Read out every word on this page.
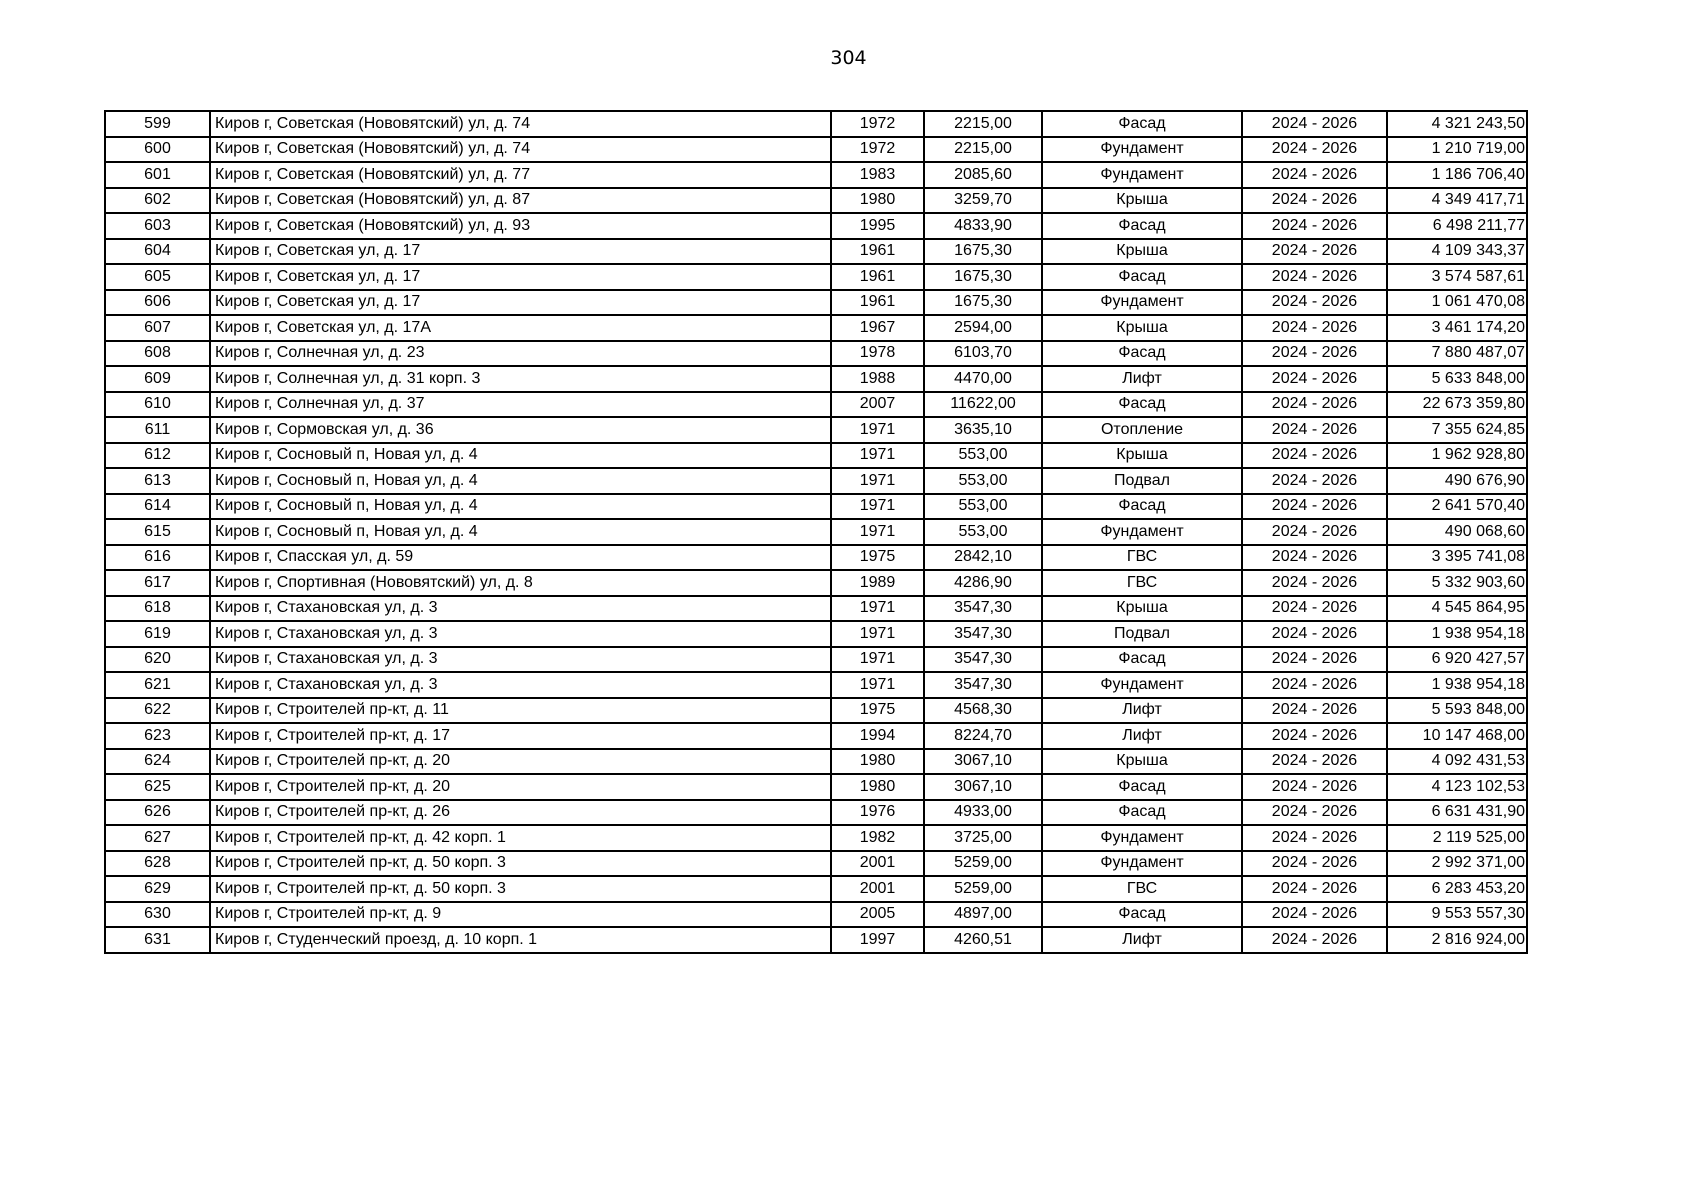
304
599	Киров г, Советская (Нововятский) ул, д. 74	1972	2215,00	Фасад	2024 - 2026	4 321 243,50
600	Киров г, Советская (Нововятский) ул, д. 74	1972	2215,00	Фундамент	2024 - 2026	1 210 719,00
601	Киров г, Советская (Нововятский) ул, д. 77	1983	2085,60	Фундамент	2024 - 2026	1 186 706,40
602	Киров г, Советская (Нововятский) ул, д. 87	1980	3259,70	Крыша	2024 - 2026	4 349 417,71
603	Киров г, Советская (Нововятский) ул, д. 93	1995	4833,90	Фасад	2024 - 2026	6 498 211,77
604	Киров г, Советская ул, д. 17	1961	1675,30	Крыша	2024 - 2026	4 109 343,37
605	Киров г, Советская ул, д. 17	1961	1675,30	Фасад	2024 - 2026	3 574 587,61
606	Киров г, Советская ул, д. 17	1961	1675,30	Фундамент	2024 - 2026	1 061 470,08
607	Киров г, Советская ул, д. 17А	1967	2594,00	Крыша	2024 - 2026	3 461 174,20
608	Киров г, Солнечная ул, д. 23	1978	6103,70	Фасад	2024 - 2026	7 880 487,07
609	Киров г, Солнечная ул, д. 31 корп. 3	1988	4470,00	Лифт	2024 - 2026	5 633 848,00
610	Киров г, Солнечная ул, д. 37	2007	11622,00	Фасад	2024 - 2026	22 673 359,80
611	Киров г, Сормовская ул, д. 36	1971	3635,10	Отопление	2024 - 2026	7 355 624,85
612	Киров г, Сосновый п, Новая ул, д. 4	1971	553,00	Крыша	2024 - 2026	1 962 928,80
613	Киров г, Сосновый п, Новая ул, д. 4	1971	553,00	Подвал	2024 - 2026	490 676,90
614	Киров г, Сосновый п, Новая ул, д. 4	1971	553,00	Фасад	2024 - 2026	2 641 570,40
615	Киров г, Сосновый п, Новая ул, д. 4	1971	553,00	Фундамент	2024 - 2026	490 068,60
616	Киров г, Спасская ул, д. 59	1975	2842,10	ГВС	2024 - 2026	3 395 741,08
617	Киров г, Спортивная (Нововятский) ул, д. 8	1989	4286,90	ГВС	2024 - 2026	5 332 903,60
618	Киров г, Стахановская ул, д. 3	1971	3547,30	Крыша	2024 - 2026	4 545 864,95
619	Киров г, Стахановская ул, д. 3	1971	3547,30	Подвал	2024 - 2026	1 938 954,18
620	Киров г, Стахановская ул, д. 3	1971	3547,30	Фасад	2024 - 2026	6 920 427,57
621	Киров г, Стахановская ул, д. 3	1971	3547,30	Фундамент	2024 - 2026	1 938 954,18
622	Киров г, Строителей пр-кт, д. 11	1975	4568,30	Лифт	2024 - 2026	5 593 848,00
623	Киров г, Строителей пр-кт, д. 17	1994	8224,70	Лифт	2024 - 2026	10 147 468,00
624	Киров г, Строителей пр-кт, д. 20	1980	3067,10	Крыша	2024 - 2026	4 092 431,53
625	Киров г, Строителей пр-кт, д. 20	1980	3067,10	Фасад	2024 - 2026	4 123 102,53
626	Киров г, Строителей пр-кт, д. 26	1976	4933,00	Фасад	2024 - 2026	6 631 431,90
627	Киров г, Строителей пр-кт, д. 42 корп. 1	1982	3725,00	Фундамент	2024 - 2026	2 119 525,00
628	Киров г, Строителей пр-кт, д. 50 корп. 3	2001	5259,00	Фундамент	2024 - 2026	2 992 371,00
629	Киров г, Строителей пр-кт, д. 50 корп. 3	2001	5259,00	ГВС	2024 - 2026	6 283 453,20
630	Киров г, Строителей пр-кт, д. 9	2005	4897,00	Фасад	2024 - 2026	9 553 557,30
631	Киров г, Студенческий проезд, д. 10 корп. 1	1997	4260,51	Лифт	2024 - 2026	2 816 924,00
